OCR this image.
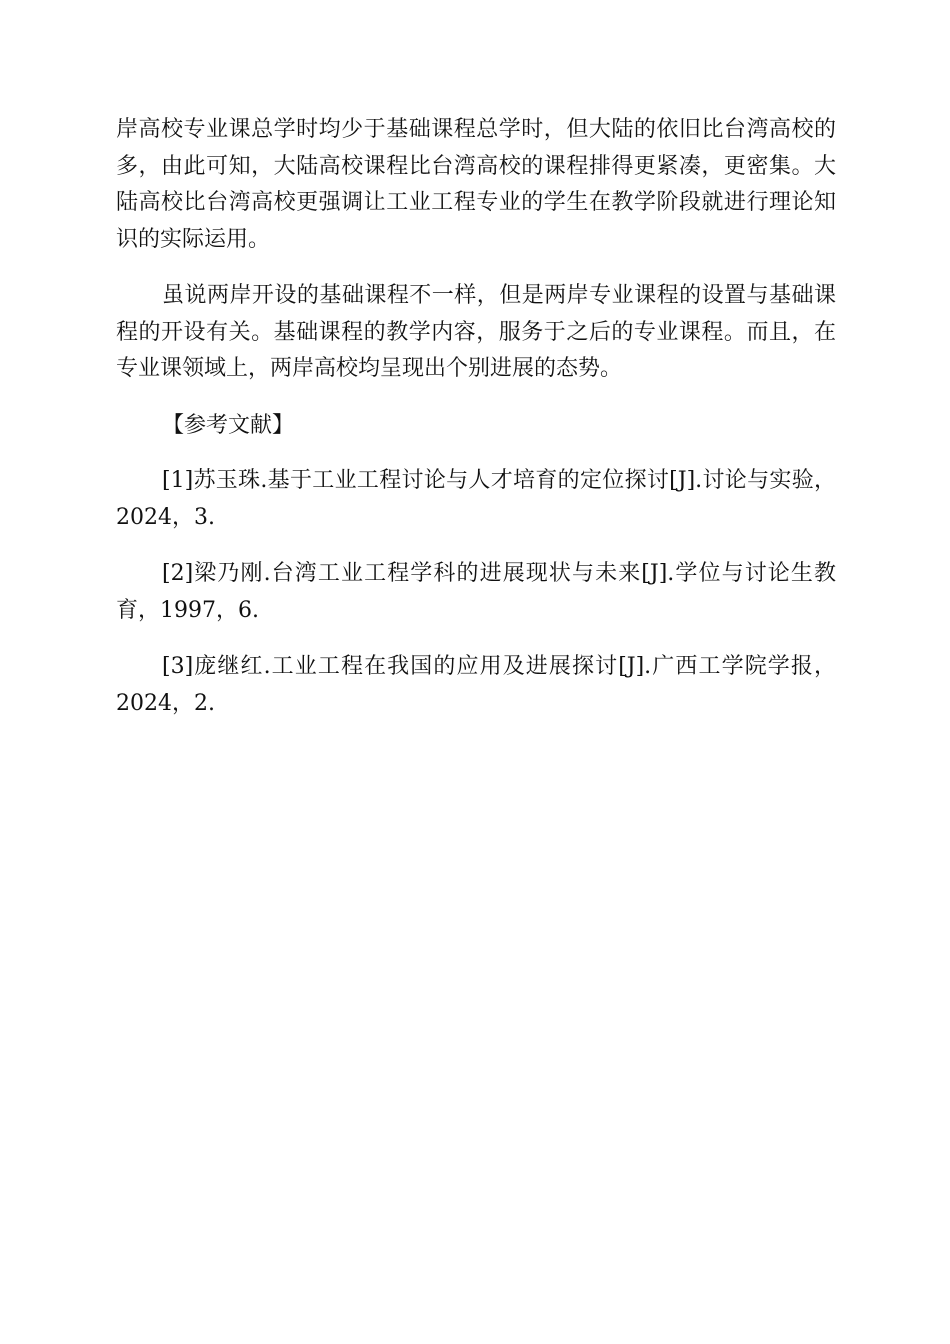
岸高校专业课总学时均少于基础课程总学时，但大陆的依旧比台湾高校的多，由此可知，大陆高校课程比台湾高校的课程排得更紧凑，更密集。大陆高校比台湾高校更强调让工业工程专业的学生在教学阶段就进行理论知识的实际运用。

虽说两岸开设的基础课程不一样，但是两岸专业课程的设置与基础课程的开设有关。基础课程的教学内容，服务于之后的专业课程。而且，在专业课领域上，两岸高校均呈现出个别进展的态势。

【参考文献】

[1]苏玉珠.基于工业工程讨论与人才培育的定位探讨[J].讨论与实验，2024，3.

[2]梁乃刚.台湾工业工程学科的进展现状与未来[J].学位与讨论生教育，1997，6.

[3]庞继红.工业工程在我国的应用及进展探讨[J].广西工学院学报，2024，2.
